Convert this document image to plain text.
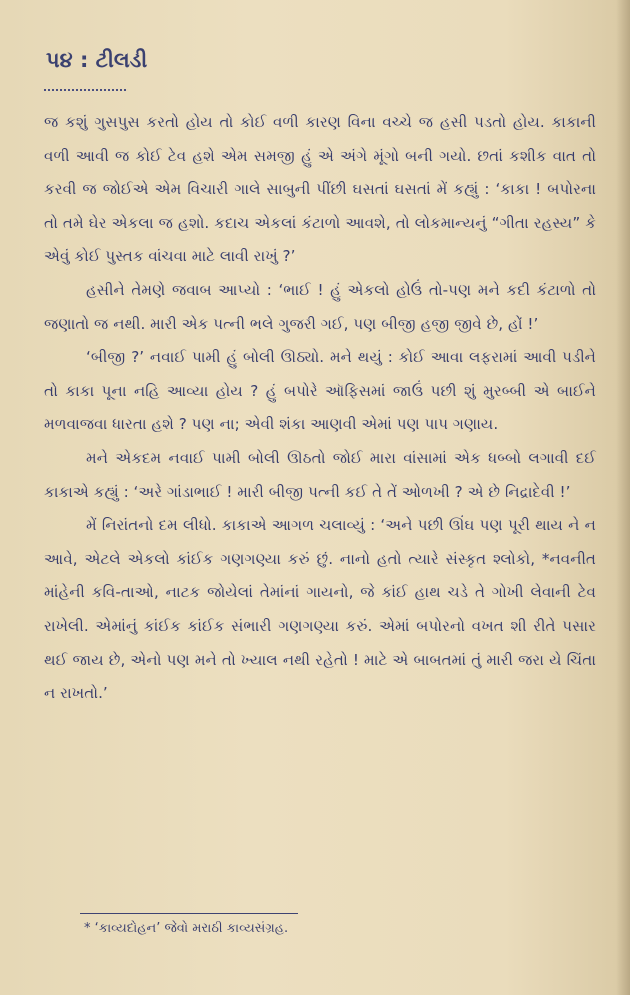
પ૪ : ટીલડી

જ કશું ગુસપુસ કરતો હોય તો કોઈ વળી કારણ વિના વચ્ચે જ હસી પડતો હોય. કાકાની વળી આવી જ કોઈ ટેવ હશે એમ સમજી હું એ અંગે મૂંગો બની ગયો. છતાં કશીક વાત તો કરવી જ જોઈએ એમ વિચારી ગાલે સાબુની પીંછી ઘસતાં ઘસતાં મેં કહ્યું : ‘કાકા ! બપોરના તો તમે ઘેર એકલા જ હશો. કદાચ એકલાં કંટાળો આવશે, તો લોકમાન્યનું “ગીતા રહસ્ય” કે એવું કોઈ પુસ્તક વાંચવા માટે લાવી રાખું ?’

હસીને તેમણે જવાબ આપ્યો : ‘ભાઈ ! હું એકલો હોઉં તો-પણ મને કદી કંટાળો તો જણાતો જ નથી. મારી એક પત્ની ભલે ગુજરી ગઈ, પણ બીજી હજી જીવે છે, હોં !’

‘બીજી ?’ નવાઈ પામી હું બોલી ઊઠ્યો. મને થયું : કોઈ આવા લફરામાં આવી પડીને તો કાકા પૂના નહિ આવ્યા હોય ? હું બપોરે ઑફિસમાં જાઉં પછી શું મુરબ્બી એ બાઈને મળવાજવા ધારતા હશે ? પણ ના; એવી શંકા આણવી એમાં પણ પાપ ગણાય.

મને એકદમ નવાઈ પામી બોલી ઊઠતો જોઈ મારા વાંસામાં એક ધબ્બો લગાવી દઈ કાકાએ કહ્યું : ‘અરે ગાંડાભાઈ ! મારી બીજી પત્ની કઈ તે તેં ઓળખી ? એ છે નિદ્રાદેવી !’

મેં નિરાંતનો દમ લીધો. કાકાએ આગળ ચલાવ્યું : ‘અને પછી ઊંઘ પણ પૂરી થાય ને ન આવે, એટલે એકલો કાંઈક ગણગણ્યા કરું છું. નાનો હતો ત્યારે સંસ્કૃત શ્લોકો, *નવનીત માંહેની કવિ-તાઓ, નાટક જોયેલાં તેમાંનાં ગાયનો, જે કાંઈ હાથ ચડે તે ગોખી લેવાની ટેવ રાખેલી. એમાંનું કાંઈક કાંઈક સંભારી ગણગણ્યા કરું. એમાં બપોરનો વખત શી રીતે પસાર થઈ જાય છે, એનો પણ મને તો ખ્યાલ નથી રહેતો ! માટે એ બાબતમાં તું મારી જરા યે ચિંતા ન રાખતો.’

* ‘કાવ્યદોહન’ જેવો મરાઠી કાવ્યસંગ્રહ.
